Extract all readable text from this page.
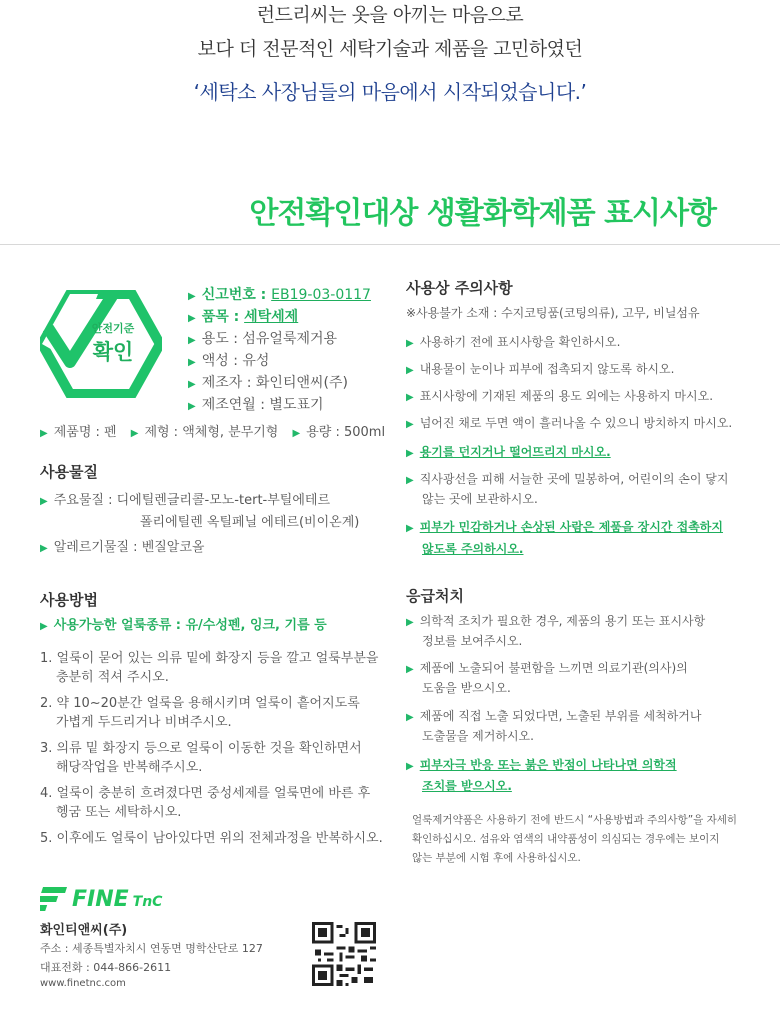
런드리씨는 옷을 아끼는 마음으로
보다 더 전문적인 세탁기술과 제품을 고민하였던
‘세탁소 사장님들의 마음에서 시작되었습니다.’
안전확인대상 생활화학제품 표시사항
안전기준
확인
▶ 신고번호 : EB19-03-0117
▶ 품목 : 세탁세제
▶ 용도 : 섬유얼룩제거용
▶ 액성 : 유성
▶ 제조자 : 화인티앤씨(주)
▶ 제조연월 : 별도표기
▶ 제품명 : 펜 ▶ 제형 : 액체형, 분무기형 ▶ 용량 : 500ml
사용물질
▶ 주요물질 : 디에틸렌글리콜-모노-tert-부틸에테르
폴리에틸렌 옥틸페닐 에테르(비이온계)
▶ 알레르기물질 : 벤질알코올
사용방법
▶ 사용가능한 얼룩종류 : 유/수성펜, 잉크, 기름 등
1. 얼룩이 묻어 있는 의류 밑에 화장지 등을 깔고 얼룩부분을
충분히 적셔 주시오.
2. 약 10~20분간 얼룩을 용해시키며 얼룩이 흩어지도록
가볍게 두드리거나 비벼주시오.
3. 의류 밑 화장지 등으로 얼룩이 이동한 것을 확인하면서
해당작업을 반복해주시오.
4. 얼룩이 충분히 흐려졌다면 중성세제를 얼룩면에 바른 후
헹굼 또는 세탁하시오.
5. 이후에도 얼룩이 남아있다면 위의 전체과정을 반복하시오.
사용상 주의사항
※사용불가 소재 : 수지코팅품(코팅의류), 고무, 비닐섬유
▶ 사용하기 전에 표시사항을 확인하시오.
▶ 내용물이 눈이나 피부에 접촉되지 않도록 하시오.
▶ 표시사항에 기재된 제품의 용도 외에는 사용하지 마시오.
▶ 넘어진 채로 두면 액이 흘러나올 수 있으니 방치하지 마시오.
▶ 용기를 던지거나 떨어뜨리지 마시오.
▶ 직사광선을 피해 서늘한 곳에 밀봉하여, 어린이의 손이 닿지
않는 곳에 보관하시오.
▶ 피부가 민감하거나 손상된 사람은 제품을 장시간 접촉하지
않도록 주의하시오.
응급처치
▶ 의학적 조치가 필요한 경우, 제품의 용기 또는 표시사항
정보를 보여주시오.
▶ 제품에 노출되어 불편함을 느끼면 의료기관(의사)의
도움을 받으시오.
▶ 제품에 직접 노출 되었다면, 노출된 부위를 세척하거나
도출물을 제거하시오.
▶ 피부자극 반응 또는 붉은 반점이 나타나면 의학적
조치를 받으시오.
얼룩제거약품은 사용하기 전에 반드시 “사용방법과 주의사항”을 자세히
확인하십시오. 섬유와 염색의 내약품성이 의심되는 경우에는 보이지
않는 부분에 시험 후에 사용하십시오.
FINE TnC
화인티앤씨(주)
주소 : 세종특별자치시 연동면 명학산단로 127
대표전화 : 044-866-2611
www.finetnc.com
